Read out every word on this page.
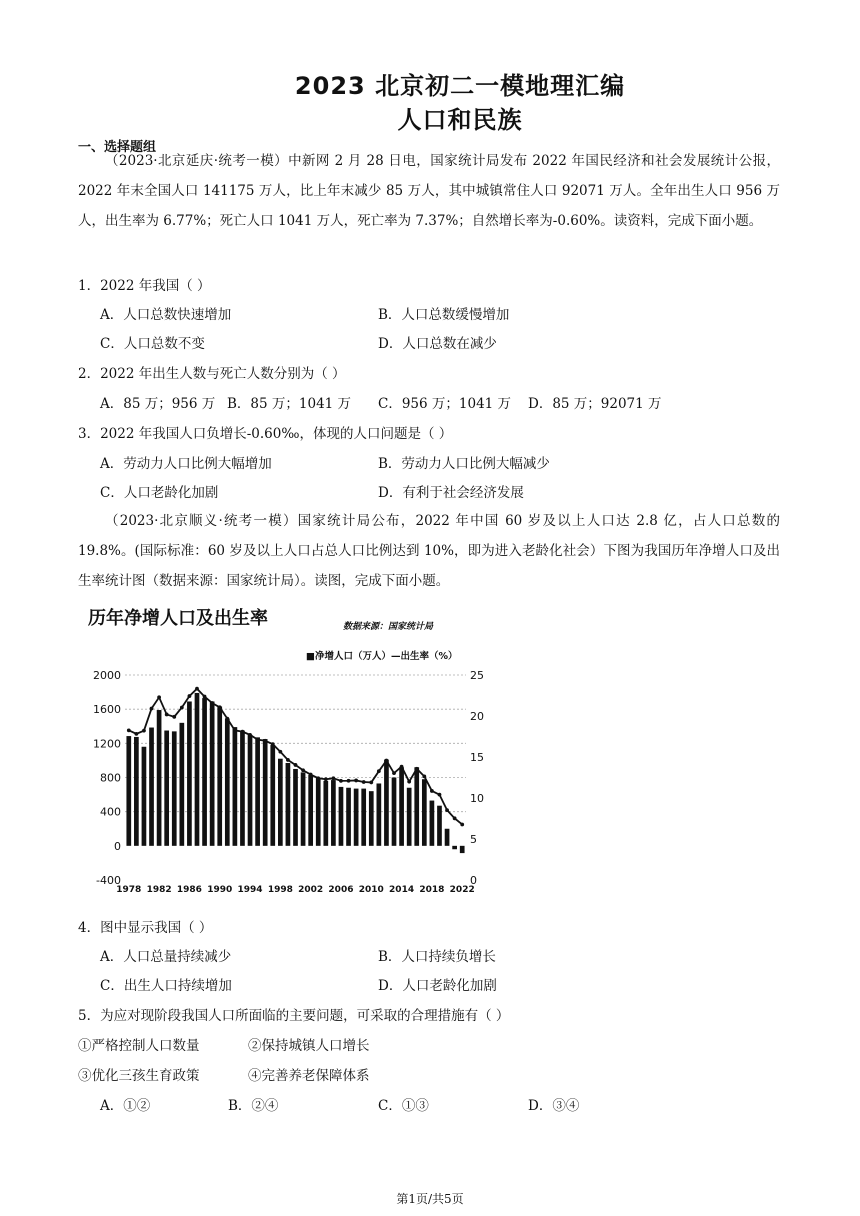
2023 北京初二一模地理汇编
人口和民族
一、选择题组
（2023·北京延庆·统考一模）中新网 2 月 28 日电，国家统计局发布 2022 年国民经济和社会发展统计公报，2022 年末全国人口 141175 万人，比上年末减少 85 万人，其中城镇常住人口 92071 万人。全年出生人口 956 万人，出生率为 6.77%；死亡人口 1041 万人，死亡率为 7.37%；自然增长率为-0.60%。读资料，完成下面小题。
1．2022 年我国（ ）
A．人口总数快速增加	B．人口总数缓慢增加
C．人口总数不变	D．人口总数在减少
2．2022 年出生人数与死亡人数分别为（ ）
A．85 万；956 万 B．85 万；1041 万 C．956 万；1041 万 D．85 万；92071 万
3．2022 年我国人口负增长-0.60‰，体现的人口问题是（ ）
A．劳动力人口比例大幅增加	B．劳动力人口比例大幅减少
C．人口老龄化加剧	D．有利于社会经济发展
（2023·北京顺义·统考一模）国家统计局公布，2022 年中国 60 岁及以上人口达 2.8 亿，占人口总数的 19.8%。(国际标准：60 岁及以上人口占总人口比例达到 10%，即为进入老龄化社会）下图为我国历年净增人口及出生率统计图（数据来源：国家统计局）。读图，完成下面小题。
历年净增人口及出生率	数据来源：国家统计局
■净增人口（万人）—出生率（%）
2000
1600
1200
800
400
0
-400
25
20
15
10
5
0
1978 1982 1986 1990 1994 1998 2002 2006 2010 2014 2018 2022
4．图中显示我国（ ）
A．人口总量持续减少	B．人口持续负增长
C．出生人口持续增加	D．人口老龄化加剧
5．为应对现阶段我国人口所面临的主要问题，可采取的合理措施有（ ）
①严格控制人口数量	②保持城镇人口增长
③优化三孩生育政策	④完善养老保障体系
A．①②	B．②④	C．①③	D．③④
第1页/共5页
